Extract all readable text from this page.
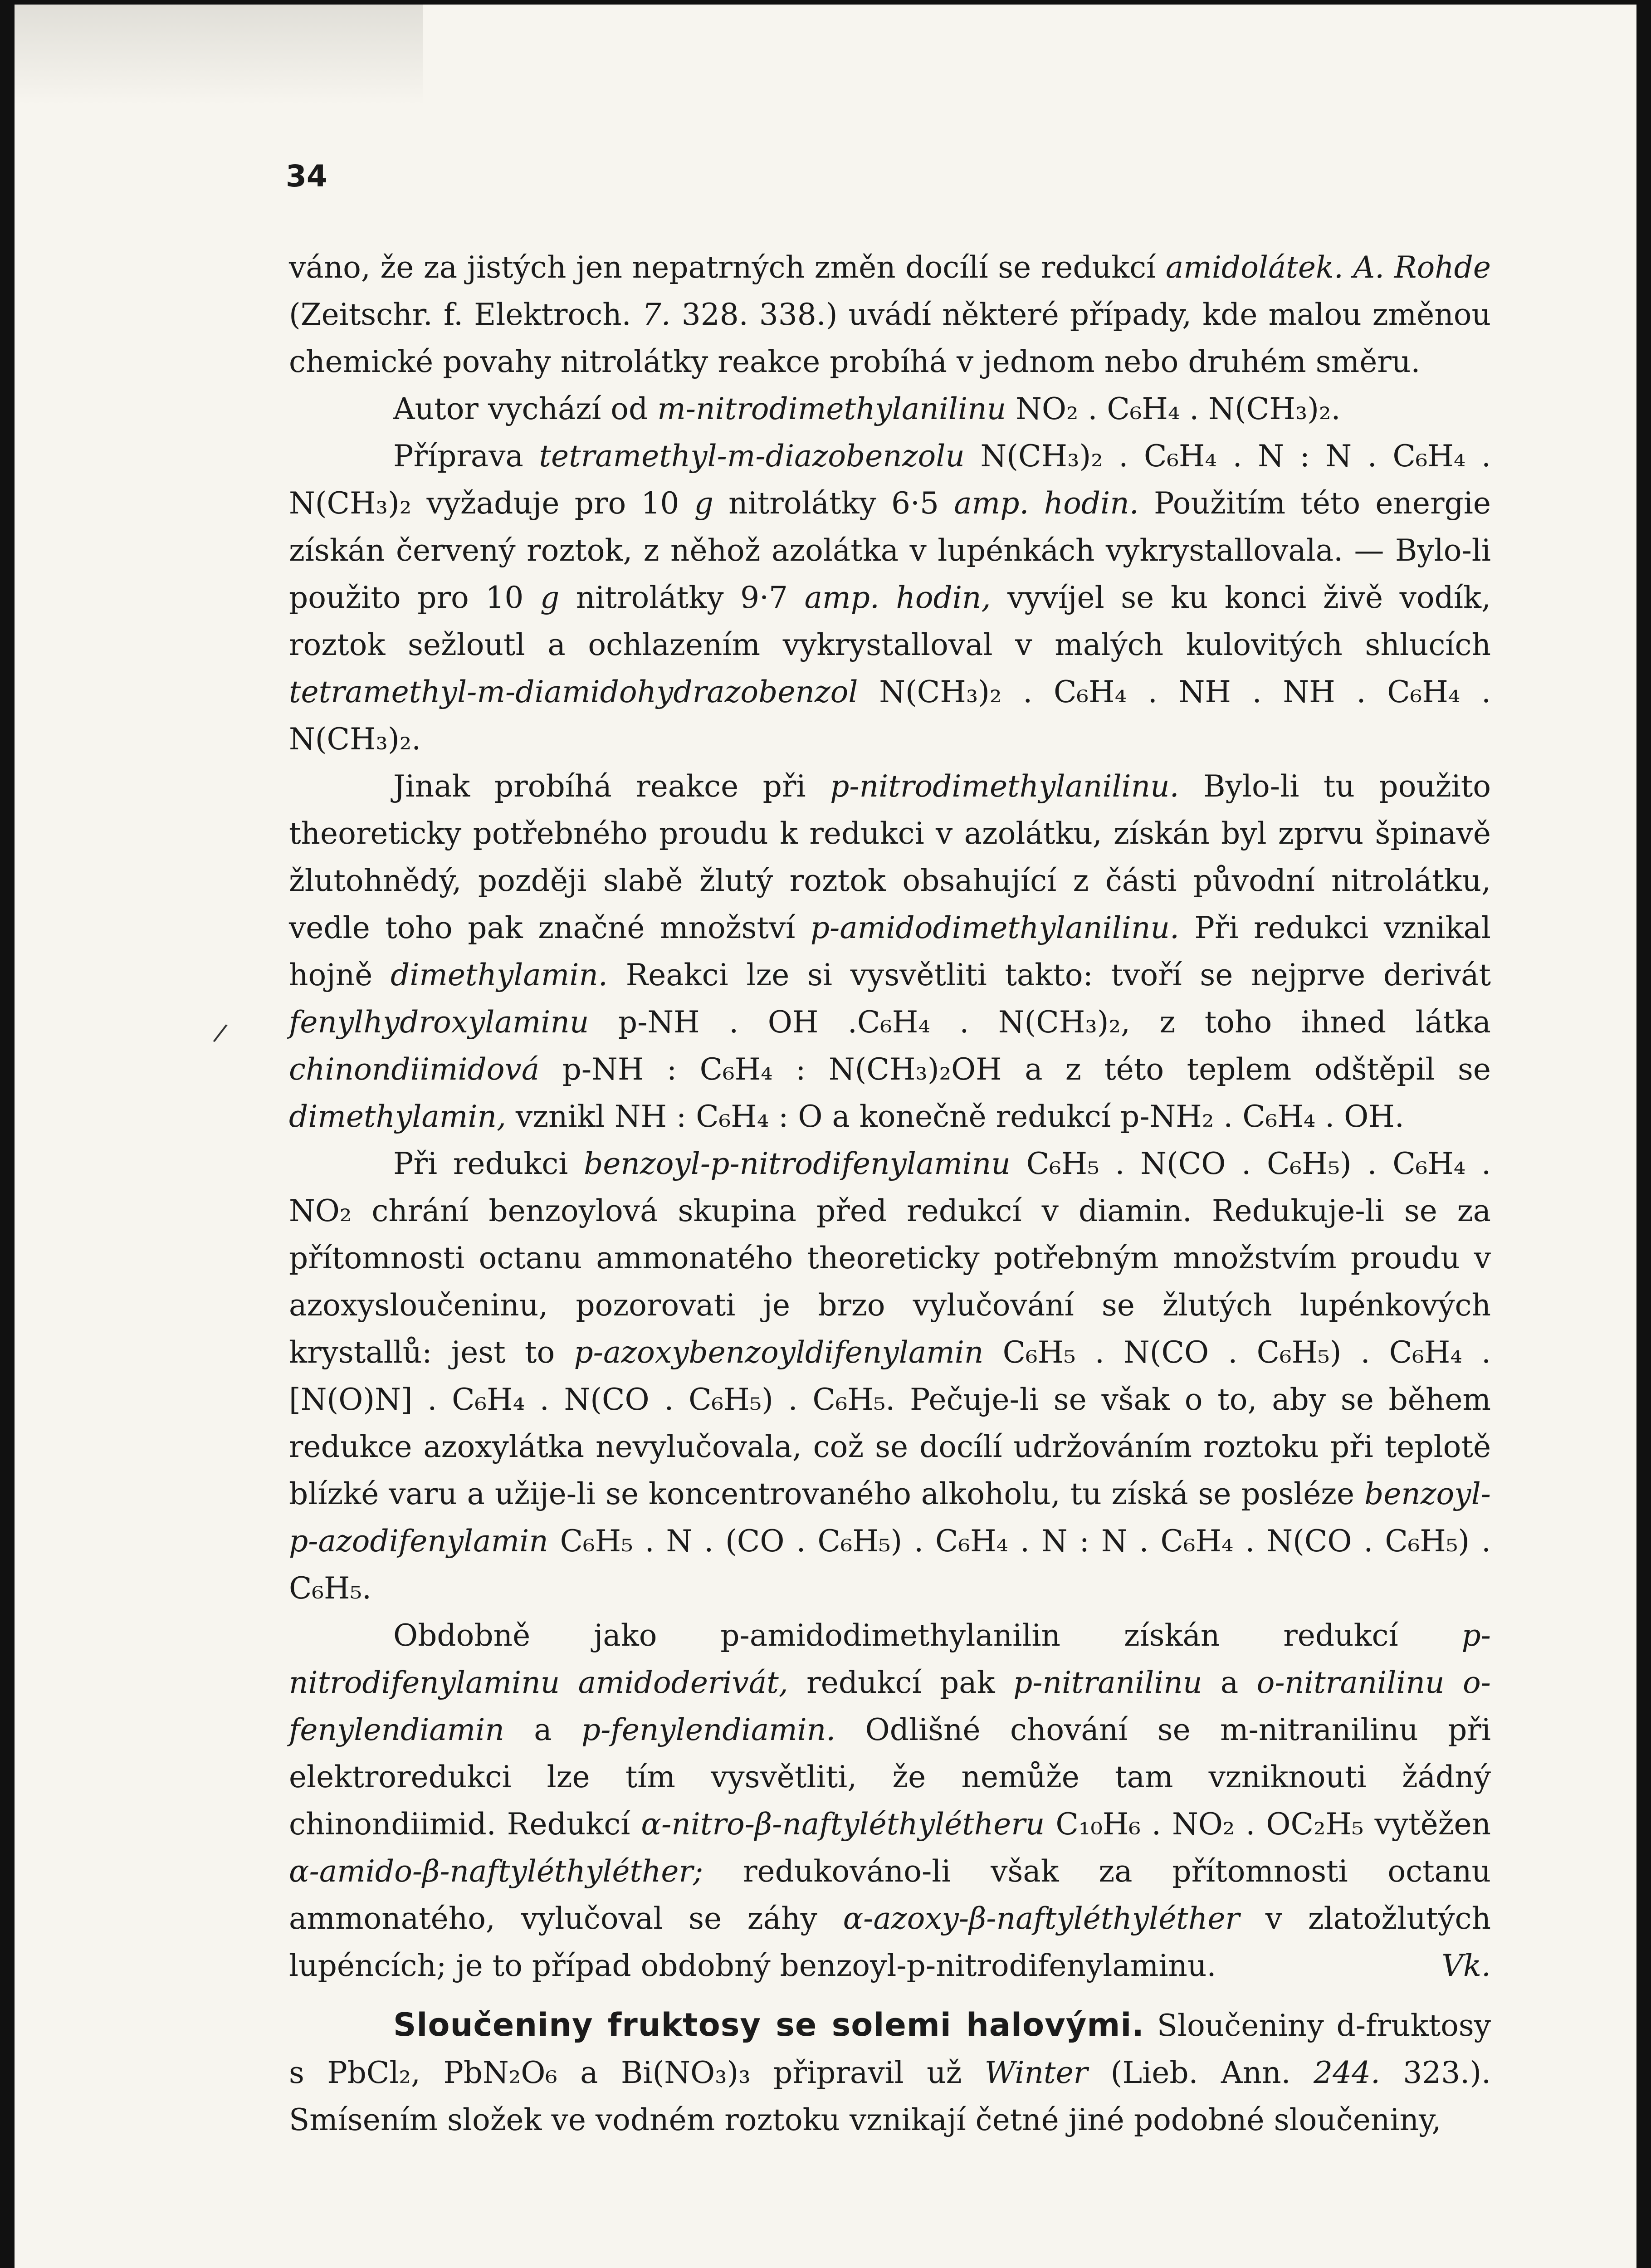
34
/

váno, že za jistých jen nepatrných změn docílí se redukcí amidolátek. A. Rohde (Zeitschr. f. Elektroch. 7. 328. 338.) uvádí některé případy, kde malou změnou chemické povahy nitrolátky reakce probíhá v jednom nebo druhém směru.

Autor vychází od m-nitrodimethylanilinu NO₂ . C₆H₄ . N(CH₃)₂.

Příprava tetramethyl-m-diazobenzolu N(CH₃)₂ . C₆H₄ . N : N . C₆H₄ . N(CH₃)₂ vyžaduje pro 10 g nitrolátky 6·5 amp. hodin. Použitím této energie získán červený roztok, z něhož azolátka v lupénkách vykrystallovala. — Bylo-li použito pro 10 g nitrolátky 9·7 amp. hodin, vyvíjel se ku konci živě vodík, roztok sežloutl a ochlazením vykrystalloval v malých kulovitých shlucích tetramethyl-m-diamidohydrazobenzol N(CH₃)₂ . C₆H₄ . NH . NH . C₆H₄ . N(CH₃)₂.

Jinak probíhá reakce při p-nitrodimethylanilinu. Bylo-li tu použito theoreticky potřebného proudu k redukci v azolátku, získán byl zprvu špinavě žlutohnědý, později slabě žlutý roztok obsahující z části původní nitrolátku, vedle toho pak značné množství p-amidodimethylanilinu. Při redukci vznikal hojně dimethylamin. Reakci lze si vysvětliti takto: tvoří se nejprve derivát fenylhydroxylaminu p-NH . OH .C₆H₄ . N(CH₃)₂, z toho ihned látka chinondiimidová p-NH : C₆H₄ : N(CH₃)₂OH a z této teplem odštěpil se dimethylamin, vznikl NH : C₆H₄ : O a konečně redukcí p-NH₂ . C₆H₄ . OH.

Při redukci benzoyl-p-nitrodifenylaminu C₆H₅ . N(CO . C₆H₅) . C₆H₄ . NO₂ chrání benzoylová skupina před redukcí v diamin. Redukuje-li se za přítomnosti octanu ammonatého theoreticky potřebným množstvím proudu v azoxysloučeninu, pozorovati je brzo vylučování se žlutých lupénkových krystallů: jest to p-azoxybenzoyldifenylamin C₆H₅ . N(CO . C₆H₅) . C₆H₄ . [N(O)N] . C₆H₄ . N(CO . C₆H₅) . C₆H₅. Pečuje-li se však o to, aby se během redukce azoxylátka nevylučovala, což se docílí udržováním roztoku při teplotě blízké varu a užije-li se koncentrovaného alkoholu, tu získá se posléze benzoyl-p-azodifenylamin C₆H₅ . N . (CO . C₆H₅) . C₆H₄ . N : N . C₆H₄ . N(CO . C₆H₅) . C₆H₅.

Obdobně jako p-amidodimethylanilin získán redukcí p-nitrodifenylaminu amidoderivát, redukcí pak p-nitranilinu a o-nitranilinu o-fenylendiamin a p-fenylendiamin. Odlišné chování se m-nitranilinu při elektroredukci lze tím vysvětliti, že nemůže tam vzniknouti žádný chinondiimid. Redukcí α-nitro-β-naftyléthylétheru C₁₀H₆ . NO₂ . OC₂H₅ vytěžen α-amido-β-naftyléthyléther; redukováno-li však za přítomnosti octanu ammonatého, vylučoval se záhy α-azoxy-β-naftyléthyléther v zlatožlutých lupéncích; je to případ obdobný benzoyl-p-nitrodifenylaminu.	Vk.

Sloučeniny fruktosy se solemi halovými. Sloučeniny d-fruktosy s PbCl₂, PbN₂O₆ a Bi(NO₃)₃ připravil už Winter (Lieb. Ann. 244. 323.). Smísením složek ve vodném roztoku vznikají četné jiné podobné sloučeniny,
